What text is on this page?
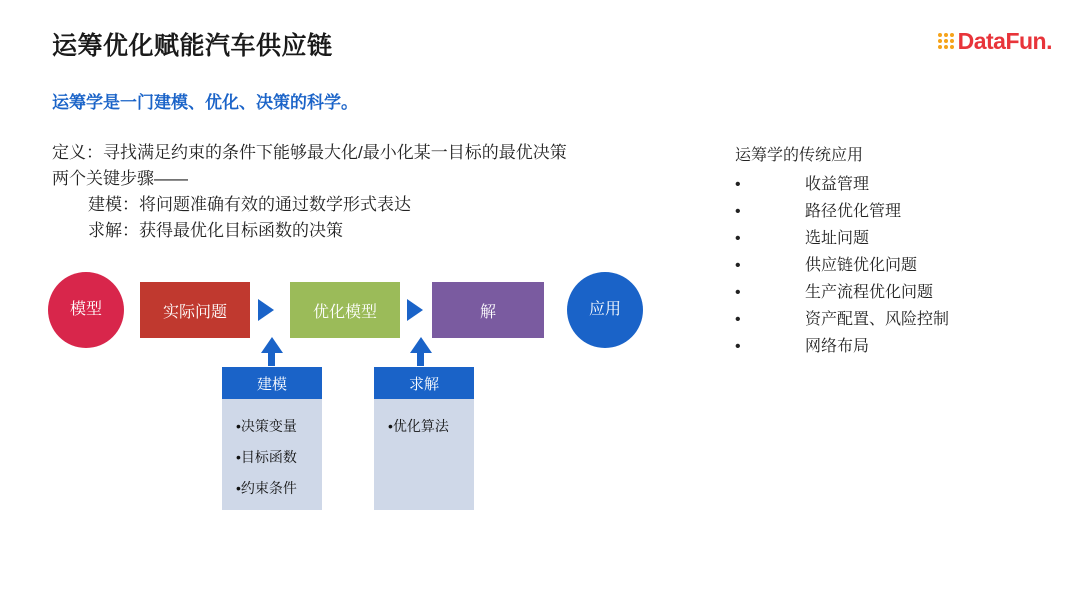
运筹优化赋能汽车供应链	DataFun.
运筹学是一门建模、优化、决策的科学。
定义：寻找满足约束的条件下能够最大化/最小化某一目标的最优决策
两个关键步骤——
建模：将问题准确有效的通过数学形式表达
求解：获得最优化目标函数的决策
运筹学的传统应用
• 收益管理
• 路径优化管理
• 选址问题
• 供应链优化问题
• 生产流程优化问题
• 资产配置、风险控制
• 网络布局
模型	实际问题	优化模型	解	应用
建模
•决策变量
•目标函数
•约束条件
求解
•优化算法
